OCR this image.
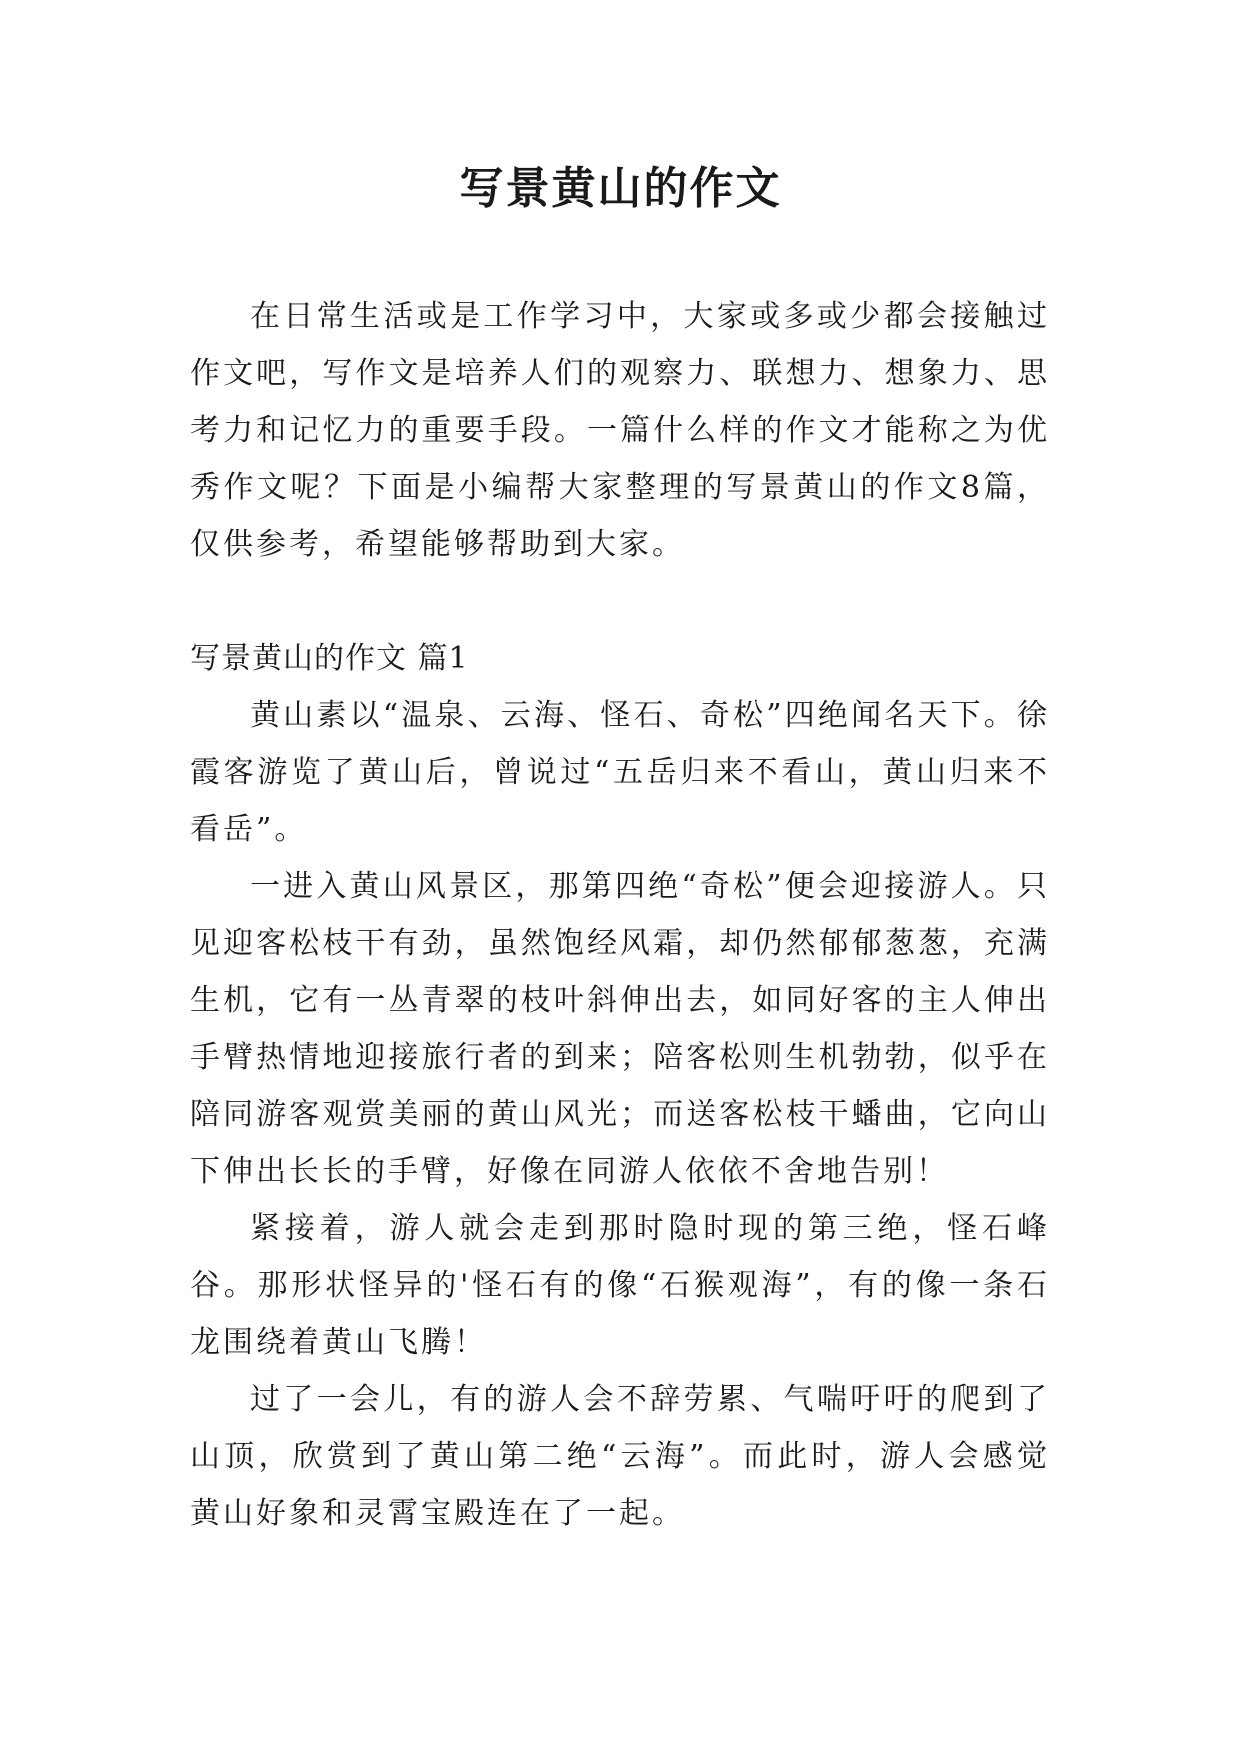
写景黄山的作文

在日常生活或是工作学习中，大家或多或少都会接触过作文吧，写作文是培养人们的观察力、联想力、想象力、思考力和记忆力的重要手段。一篇什么样的作文才能称之为优秀作文呢？下面是小编帮大家整理的写景黄山的作文8篇，仅供参考，希望能够帮助到大家。

写景黄山的作文 篇1

黄山素以“温泉、云海、怪石、奇松”四绝闻名天下。徐霞客游览了黄山后，曾说过“五岳归来不看山，黄山归来不看岳”。

一进入黄山风景区，那第四绝“奇松”便会迎接游人。只见迎客松枝干有劲，虽然饱经风霜，却仍然郁郁葱葱，充满生机，它有一丛青翠的枝叶斜伸出去，如同好客的主人伸出手臂热情地迎接旅行者的到来；陪客松则生机勃勃，似乎在陪同游客观赏美丽的黄山风光；而送客松枝干蟠曲，它向山下伸出长长的手臂，好像在同游人依依不舍地告别！

紧接着，游人就会走到那时隐时现的第三绝，怪石峰谷。那形状怪异的'怪石有的像“石猴观海”，有的像一条石龙围绕着黄山飞腾！

过了一会儿，有的游人会不辞劳累、气喘吁吁的爬到了山顶，欣赏到了黄山第二绝“云海”。而此时，游人会感觉黄山好象和灵霄宝殿连在了一起。
